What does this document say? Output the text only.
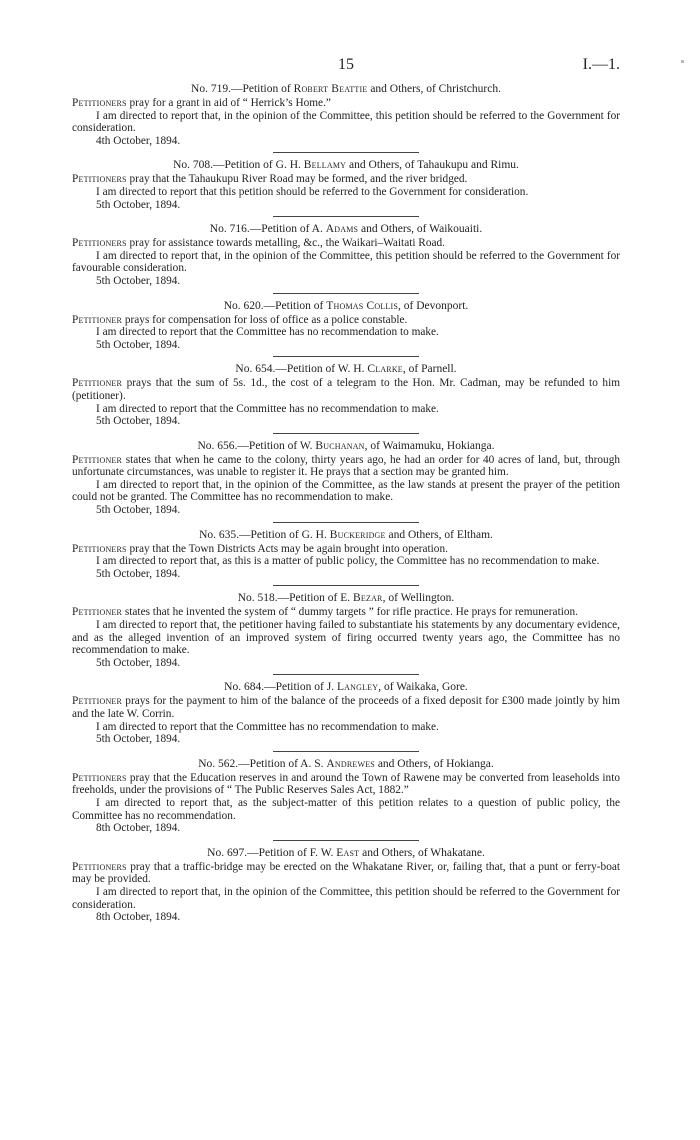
15	I.—1.

No. 719.—Petition of Robert Beattie and Others, of Christchurch.

Petitioners pray for a grant in aid of “ Herrick’s Home.”

I am directed to report that, in the opinion of the Committee, this petition should be referred to the Government for consideration.

4th October, 1894.

No. 708.—Petition of G. H. Bellamy and Others, of Tahaukupu and Rimu.

Petitioners pray that the Tahaukupu River Road may be formed, and the river bridged.

I am directed to report that this petition should be referred to the Government for consideration.

5th October, 1894.

No. 716.—Petition of A. Adams and Others, of Waikouaiti.

Petitioners pray for assistance towards metalling, &c., the Waikari–Waitati Road.

I am directed to report that, in the opinion of the Committee, this petition should be referred to the Government for favourable consideration.

5th October, 1894.

No. 620.—Petition of Thomas Collis, of Devonport.

Petitioner prays for compensation for loss of office as a police constable.

I am directed to report that the Committee has no recommendation to make.

5th October, 1894.

No. 654.—Petition of W. H. Clarke, of Parnell.

Petitioner prays that the sum of 5s. 1d., the cost of a telegram to the Hon. Mr. Cadman, may be refunded to him (petitioner).

I am directed to report that the Committee has no recommendation to make.

5th October, 1894.

No. 656.—Petition of W. Buchanan, of Waimamuku, Hokianga.

Petitioner states that when he came to the colony, thirty years ago, he had an order for 40 acres of land, but, through unfortunate circumstances, was unable to register it. He prays that a section may be granted him.

I am directed to report that, in the opinion of the Committee, as the law stands at present the prayer of the petition could not be granted. The Committee has no recommendation to make.

5th October, 1894.

No. 635.—Petition of G. H. Buckeridge and Others, of Eltham.

Petitioners pray that the Town Districts Acts may be again brought into operation.

I am directed to report that, as this is a matter of public policy, the Committee has no recommendation to make.

5th October, 1894.

No. 518.—Petition of E. Bezar, of Wellington.

Petitioner states that he invented the system of “ dummy targets ” for rifle practice. He prays for remuneration.

I am directed to report that, the petitioner having failed to substantiate his statements by any documentary evidence, and as the alleged invention of an improved system of firing occurred twenty years ago, the Committee has no recommendation to make.

5th October, 1894.

No. 684.—Petition of J. Langley, of Waikaka, Gore.

Petitioner prays for the payment to him of the balance of the proceeds of a fixed deposit for £300 made jointly by him and the late W. Corrin.

I am directed to report that the Committee has no recommendation to make.

5th October, 1894.

No. 562.—Petition of A. S. Andrewes and Others, of Hokianga.

Petitioners pray that the Education reserves in and around the Town of Rawene may be converted from leaseholds into freeholds, under the provisions of “ The Public Reserves Sales Act, 1882.”

I am directed to report that, as the subject-matter of this petition relates to a question of public policy, the Committee has no recommendation.

8th October, 1894.

No. 697.—Petition of F. W. East and Others, of Whakatane.

Petitioners pray that a traffic-bridge may be erected on the Whakatane River, or, failing that, that a punt or ferry-boat may be provided.

I am directed to report that, in the opinion of the Committee, this petition should be referred to the Government for consideration.

8th October, 1894.
